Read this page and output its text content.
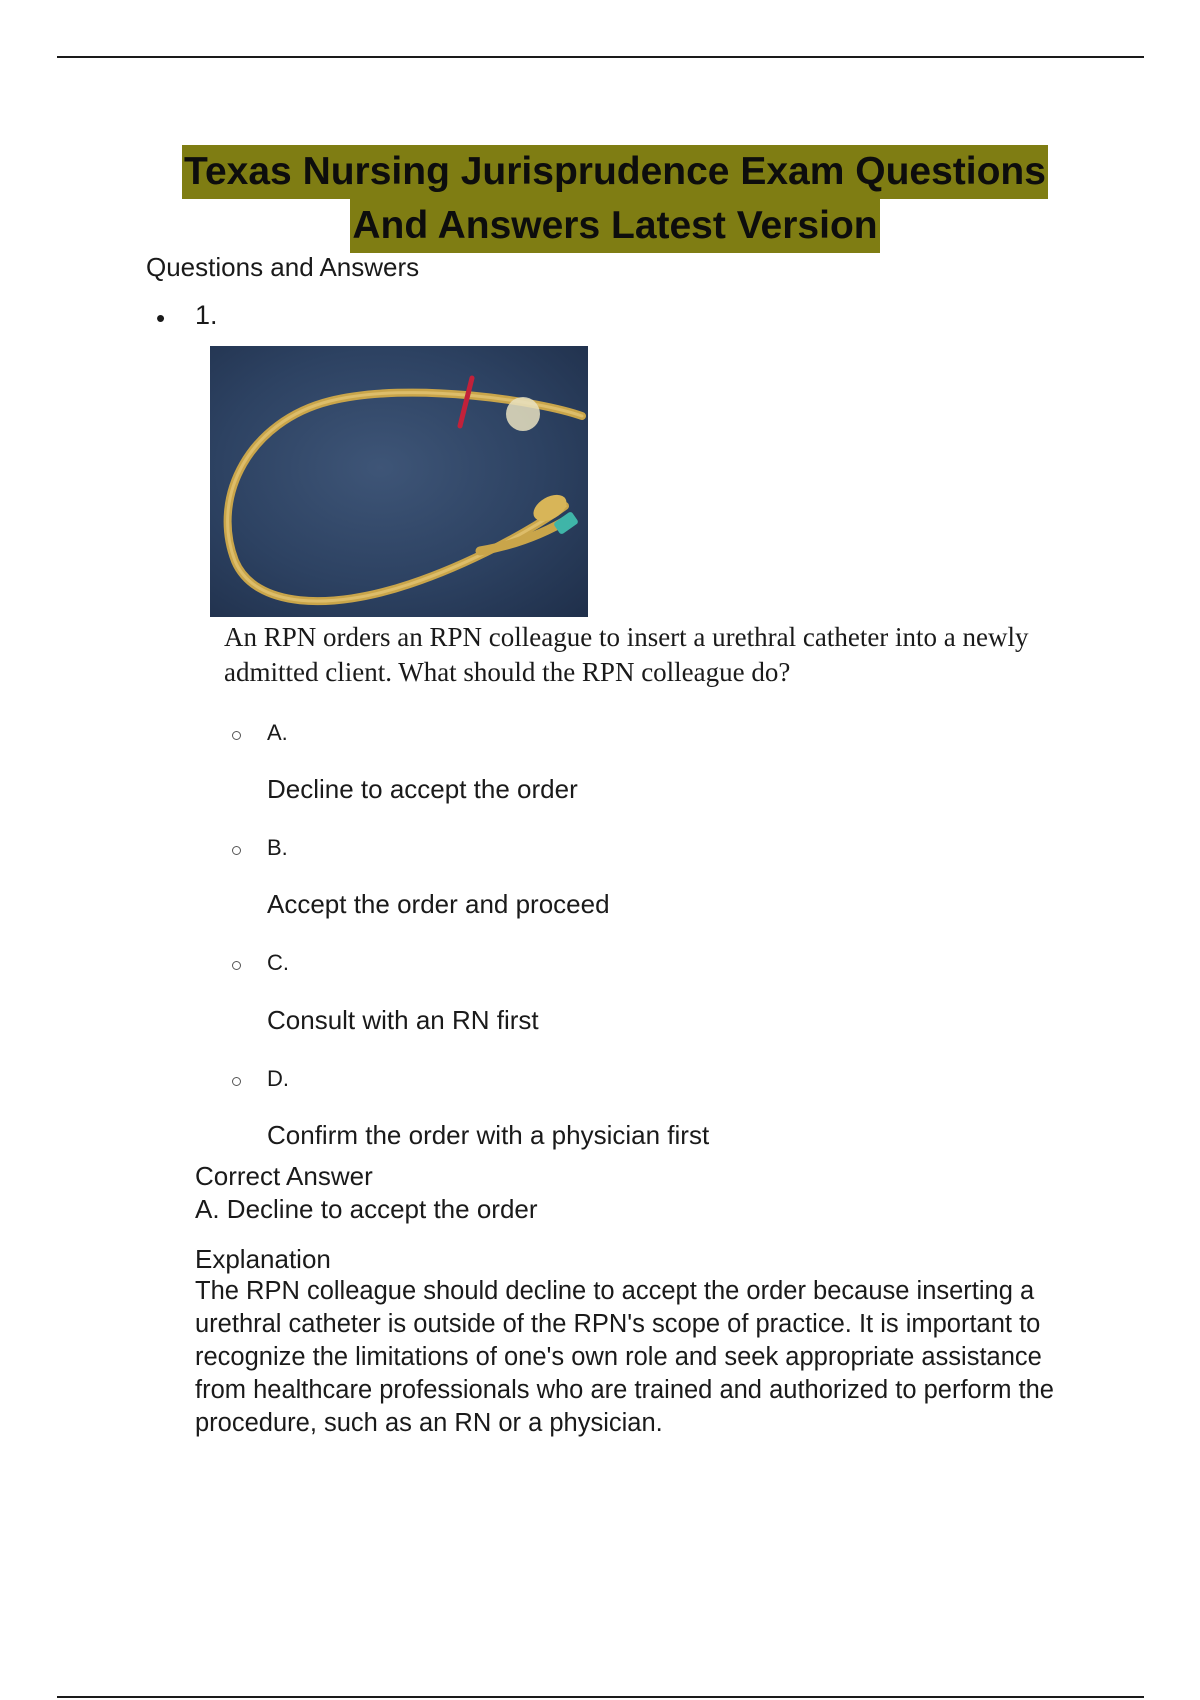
Texas Nursing Jurisprudence Exam Questions
And Answers Latest Version
Questions and Answers
• 1.
An RPN orders an RPN colleague to insert a urethral catheter into a newly admitted client. What should the RPN colleague do?
A.
Decline to accept the order
B.
Accept the order and proceed
C.
Consult with an RN first
D.
Confirm the order with a physician first
Correct Answer
A. Decline to accept the order
Explanation
The RPN colleague should decline to accept the order because inserting a urethral catheter is outside of the RPN's scope of practice. It is important to recognize the limitations of one's own role and seek appropriate assistance from healthcare professionals who are trained and authorized to perform the procedure, such as an RN or a physician.
